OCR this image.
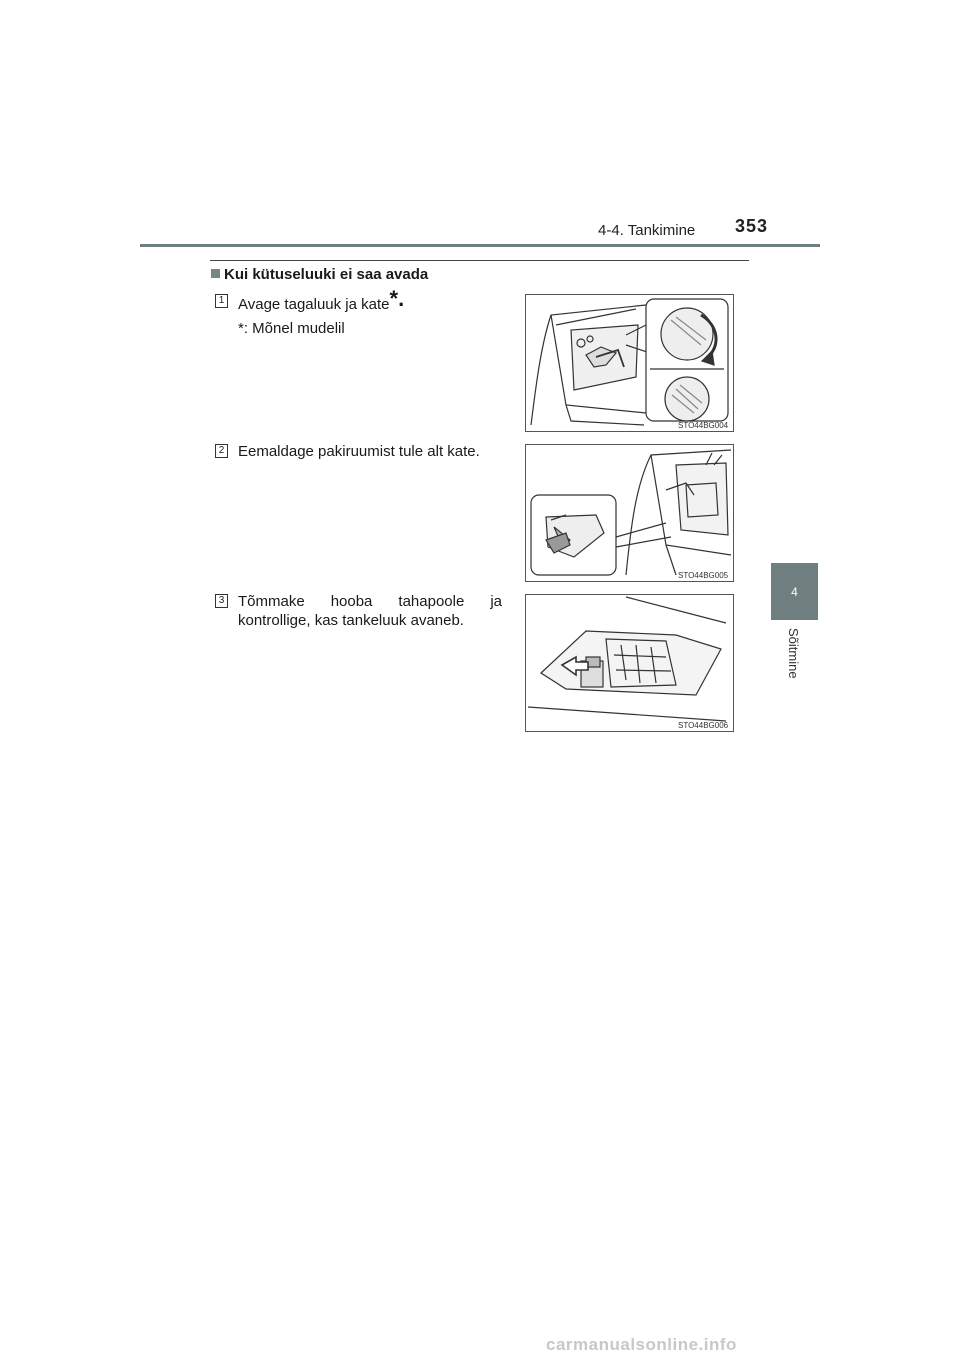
4-4. Tankimine 353
4
Sõitmine
Kui kütuseluuki ei saa avada
1 Avage tagaluuk ja kate*.
*: Mõnel mudelil
STO44BG004
2 Eemaldage pakiruumist tule alt kate.
STO44BG005
3 Tõmmake hooba tahapoole ja
kontrollige, kas tankeluuk avaneb.
STO44BG006
carmanualsonline.info
